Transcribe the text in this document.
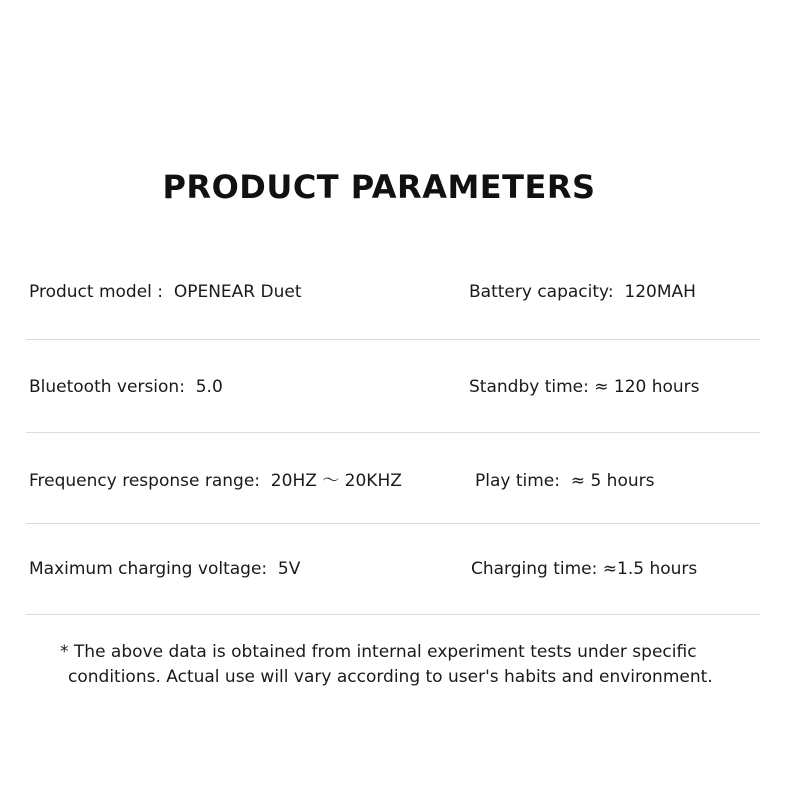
PRODUCT PARAMETERS
Product model :  OPENEAR Duet	Battery capacity:  120MAH
Bluetooth version:  5.0	Standby time: ≈ 120 hours
Frequency response range:  20HZ 〜 20KHZ	Play time:  ≈ 5 hours
Maximum charging voltage:  5V	Charging time: ≈1.5 hours
* The above data is obtained from internal experiment tests under specific
conditions. Actual use will vary according to user's habits and environment.
